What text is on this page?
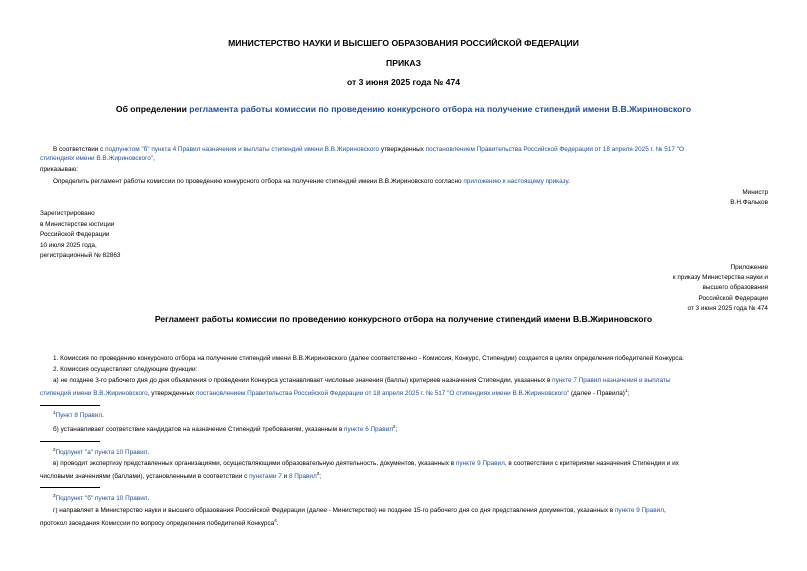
МИНИСТЕРСТВО НАУКИ И ВЫСШЕГО ОБРАЗОВАНИЯ РОССИЙСКОЙ ФЕДЕРАЦИИ
ПРИКАЗ
от 3 июня 2025 года № 474
Об определении регламента работы комиссии по проведению конкурсного отбора на получение стипендий имени В.В.Жириновского
В соответствии с подпунктом "б" пункта 4 Правил назначения и выплаты стипендий имени В.В.Жириновского утвержденных постановлением Правительства Российской Федерации от 18 апреля 2025 г. № 517 "О
стипендиях имени В.В.Жириновского",
приказываю:
Определить регламент работы комиссии по проведению конкурсного отбора на получение стипендий имени В.В.Жириновского согласно приложению к настоящему приказу.
Министр
В.Н.Фальков
Зарегистрировано
в Министерстве юстиции
Российской Федерации
10 июля 2025 года,
регистрационный № 82863
Приложение
к приказу Министерства науки и
высшего образования
Российской Федерации
от 3 июня 2025 года № 474
Регламент работы комиссии по проведению конкурсного отбора на получение стипендий имени В.В.Жириновского
1. Комиссия по проведению конкурсного отбора на получение стипендий имени В.В.Жириновского (далее соответственно - Комиссия, Конкурс, Стипендии) создается в целях определения победителей Конкурса.
2. Комиссия осуществляет следующие функции:
а) не позднее 3-го рабочего дня до дня объявления о проведении Конкурса устанавливает числовые значения (баллы) критериев назначения Стипендии, указанных в пункте 7 Правил назначения и выплаты
стипендий имени В.В.Жириновского, утвержденных постановлением Правительства Российской Федерации от 18 апреля 2025 г. № 517 "О стипендиях имени В.В.Жириновского" (далее - Правила)$^1$;
$^1$Пункт 8 Правил.
б) устанавливает соответствие кандидатов на назначение Стипендий требованиям, указанным в пункте 6 Правил$^2$;
$^2$Подпункт "а" пункта 10 Правил.
в) проводит экспертизу представленных организациями, осуществляющими образовательную деятельность, документов, указанных в пункте 9 Правил, в соответствии с критериями назначения Стипендии и их
числовыми значениями (баллами), установленными в соответствии с пунктами 7 и 8 Правил$^3$;
$^3$Подпункт "б" пункта 10 Правил.
г) направляет в Министерство науки и высшего образования Российской Федерации (далее - Министерство) не позднее 15-го рабочего дня со дня представления документов, указанных в пункте 9 Правил,
протокол заседания Комиссии по вопросу определения победителей Конкурса$^4$.
